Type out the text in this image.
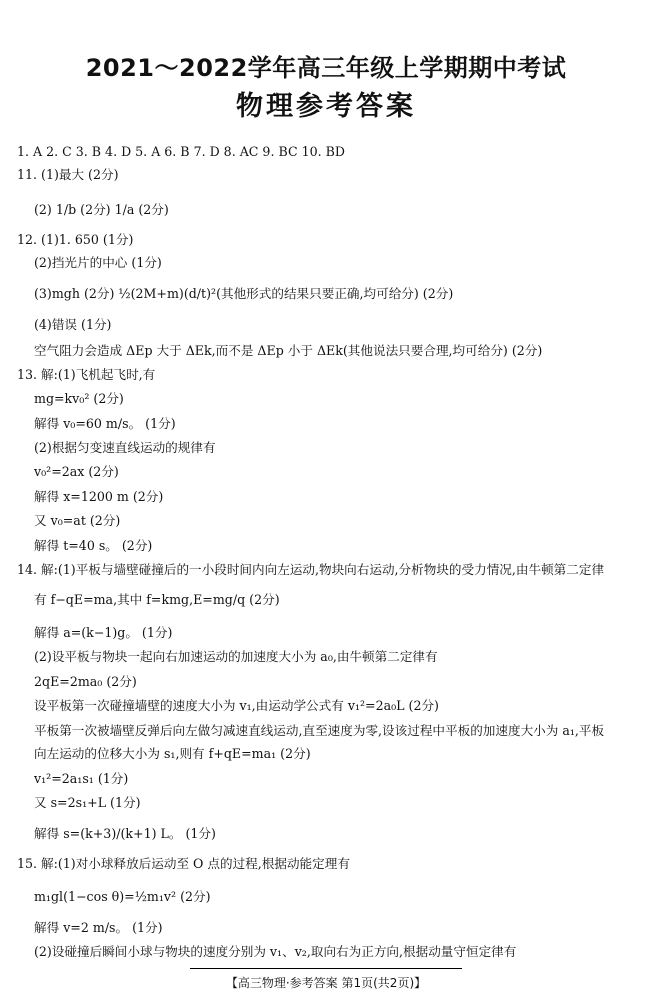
2021～2022学年高三年级上学期期中考试
物理参考答案
1. A 2. C 3. B 4. D 5. A 6. B 7. D 8. AC 9. BC 10. BD
11. (1)最大 (2分)
(2) 1/b (2分) 1/a (2分)
12. (1)1. 650 (1分)
(2)挡光片的中心 (1分)
(3)mgh (2分) ½(2M+m)(d/t)²(其他形式的结果只要正确,均可给分) (2分)
(4)错误 (1分)
空气阻力会造成 ΔEp 大于 ΔEk,而不是 ΔEp 小于 ΔEk(其他说法只要合理,均可给分) (2分)
13. 解:(1)飞机起飞时,有
mg=kv₀² (2分)
解得 v₀=60 m/s。 (1分)
(2)根据匀变速直线运动的规律有
v₀²=2ax (2分)
解得 x=1200 m (2分)
又 v₀=at (2分)
解得 t=40 s。 (2分)
14. 解:(1)平板与墙壁碰撞后的一小段时间内向左运动,物块向右运动,分析物块的受力情况,由牛顿第二定律
有 f−qE=ma,其中 f=kmg,E=mg/q (2分)
解得 a=(k−1)g。 (1分)
(2)设平板与物块一起向右加速运动的加速度大小为 a₀,由牛顿第二定律有
2qE=2ma₀ (2分)
设平板第一次碰撞墙壁的速度大小为 v₁,由运动学公式有 v₁²=2a₀L (2分)
平板第一次被墙壁反弹后向左做匀减速直线运动,直至速度为零,设该过程中平板的加速度大小为 a₁,平板
向左运动的位移大小为 s₁,则有 f+qE=ma₁ (2分)
v₁²=2a₁s₁ (1分)
又 s=2s₁+L (1分)
解得 s=(k+3)/(k+1) L。 (1分)
15. 解:(1)对小球释放后运动至 O 点的过程,根据动能定理有
m₁gl(1−cos θ)=½m₁v² (2分)
解得 v=2 m/s。 (1分)
(2)设碰撞后瞬间小球与物块的速度分别为 v₁、v₂,取向右为正方向,根据动量守恒定律有
【高三物理·参考答案 第1页(共2页)】
